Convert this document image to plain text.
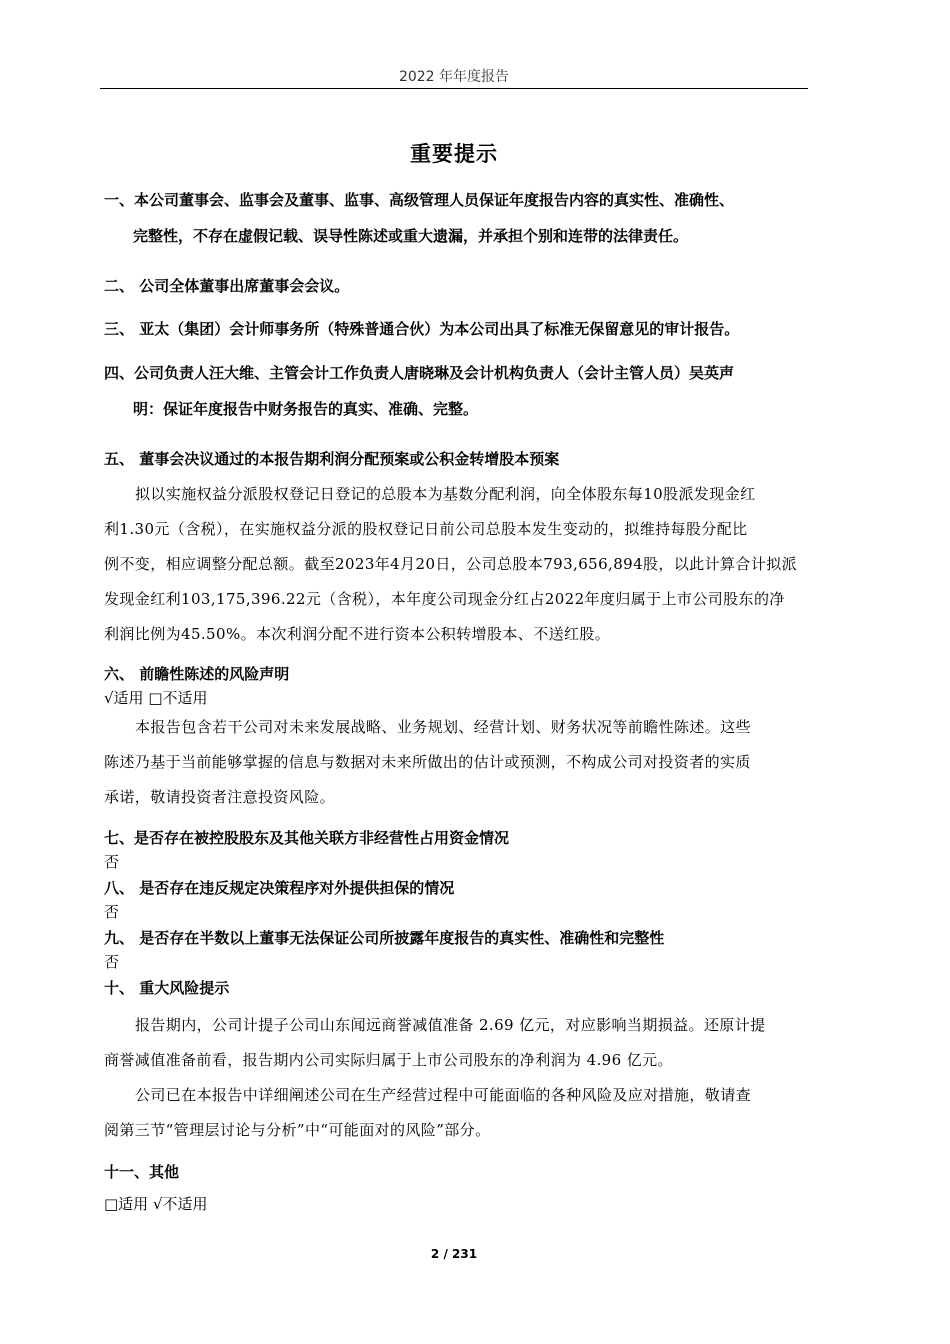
2022 年年度报告
重要提示
一、本公司董事会、监事会及董事、监事、高级管理人员保证年度报告内容的真实性、准确性、
完整性，不存在虚假记载、误导性陈述或重大遗漏，并承担个别和连带的法律责任。
二、 公司全体董事出席董事会会议。
三、 亚太（集团）会计师事务所（特殊普通合伙）为本公司出具了标准无保留意见的审计报告。
四、公司负责人汪大维、主管会计工作负责人唐晓琳及会计机构负责人（会计主管人员）吴英声
明：保证年度报告中财务报告的真实、准确、完整。
五、 董事会决议通过的本报告期利润分配预案或公积金转增股本预案
拟以实施权益分派股权登记日登记的总股本为基数分配利润，向全体股东每10股派发现金红
利1.30元（含税），在实施权益分派的股权登记日前公司总股本发生变动的，拟维持每股分配比
例不变，相应调整分配总额。截至2023年4月20日，公司总股本793,656,894股，以此计算合计拟派
发现金红利103,175,396.22元（含税），本年度公司现金分红占2022年度归属于上市公司股东的净
利润比例为45.50%。本次利润分配不进行资本公积转增股本、不送红股。
六、 前瞻性陈述的风险声明
√适用 □不适用
本报告包含若干公司对未来发展战略、业务规划、经营计划、财务状况等前瞻性陈述。这些
陈述乃基于当前能够掌握的信息与数据对未来所做出的估计或预测，不构成公司对投资者的实质
承诺，敬请投资者注意投资风险。
七、是否存在被控股股东及其他关联方非经营性占用资金情况
否
八、 是否存在违反规定决策程序对外提供担保的情况
否
九、 是否存在半数以上董事无法保证公司所披露年度报告的真实性、准确性和完整性
否
十、 重大风险提示
报告期内，公司计提子公司山东闻远商誉减值准备 2.69 亿元，对应影响当期损益。还原计提
商誉减值准备前看，报告期内公司实际归属于上市公司股东的净利润为 4.96 亿元。
公司已在本报告中详细阐述公司在生产经营过程中可能面临的各种风险及应对措施，敬请查
阅第三节“管理层讨论与分析”中“可能面对的风险”部分。
十一、其他
□适用 √不适用
2 / 231
